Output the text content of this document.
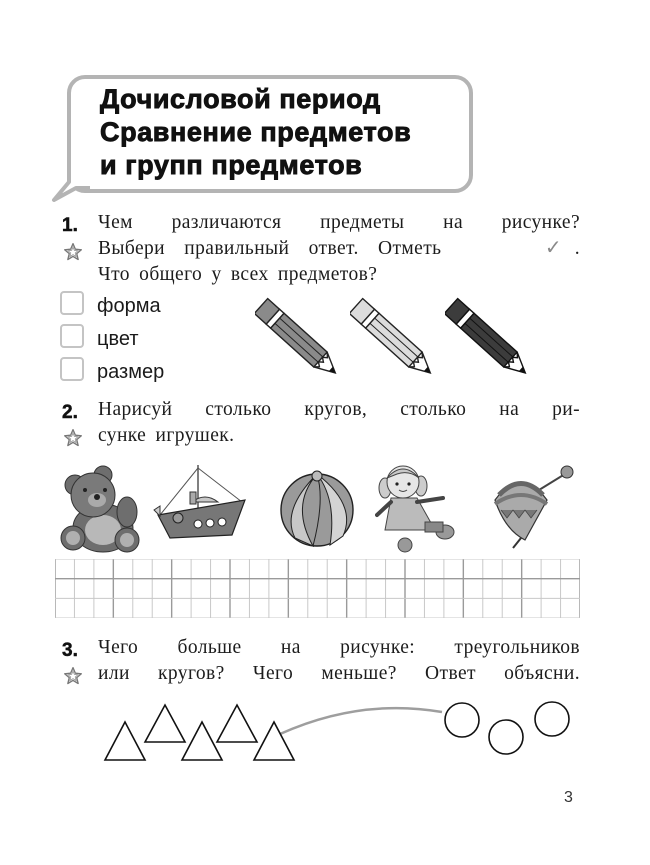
Дочисловой период
Сравнение предметов
и групп предметов
1. Чем различаются предметы на рисунке?
Выбери правильный ответ. Отметь	✓ .
Что общего у всех предметов?
форма
цвет
размер
2. Нарисуй столько кругов, столько на ри-
сунке игрушек.
3. Чего больше на рисунке: треугольников
или кругов? Чего меньше? Ответ объясни.
3
